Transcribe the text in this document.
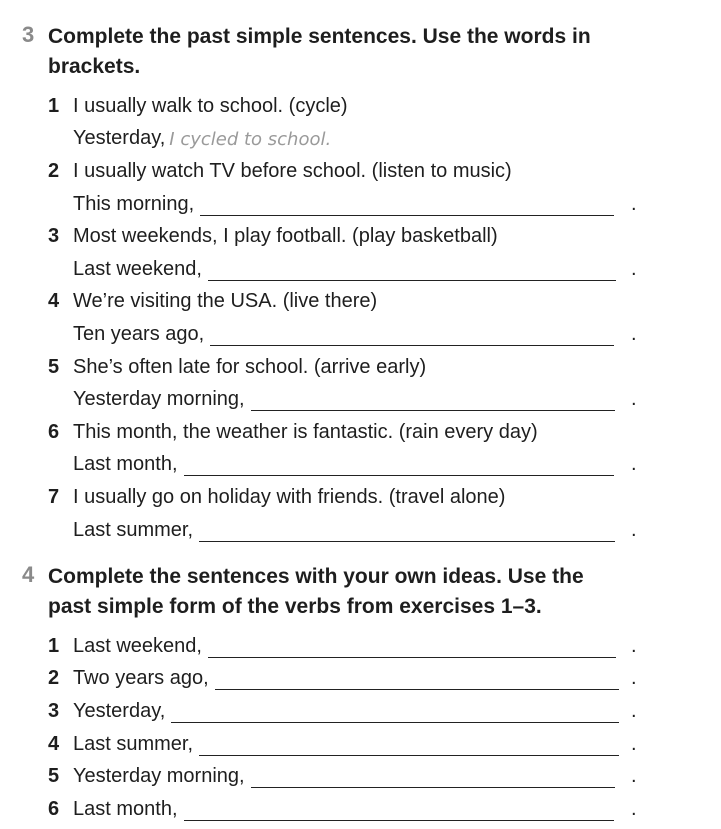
3 Complete the past simple sentences. Use the words in brackets.
1 I usually walk to school. (cycle)
Yesterday, I cycled to school.
2 I usually watch TV before school. (listen to music)
This morning,	.
3 Most weekends, I play football. (play basketball)
Last weekend,	.
4 We’re visiting the USA. (live there)
Ten years ago,	.
5 She’s often late for school. (arrive early)
Yesterday morning,	.
6 This month, the weather is fantastic. (rain every day)
Last month,	.
7 I usually go on holiday with friends. (travel alone)
Last summer,	.
4 Complete the sentences with your own ideas. Use the past simple form of the verbs from exercises 1–3.
1 Last weekend,	.
2 Two years ago,	.
3 Yesterday,	.
4 Last summer,	.
5 Yesterday morning,	.
6 Last month,	.
